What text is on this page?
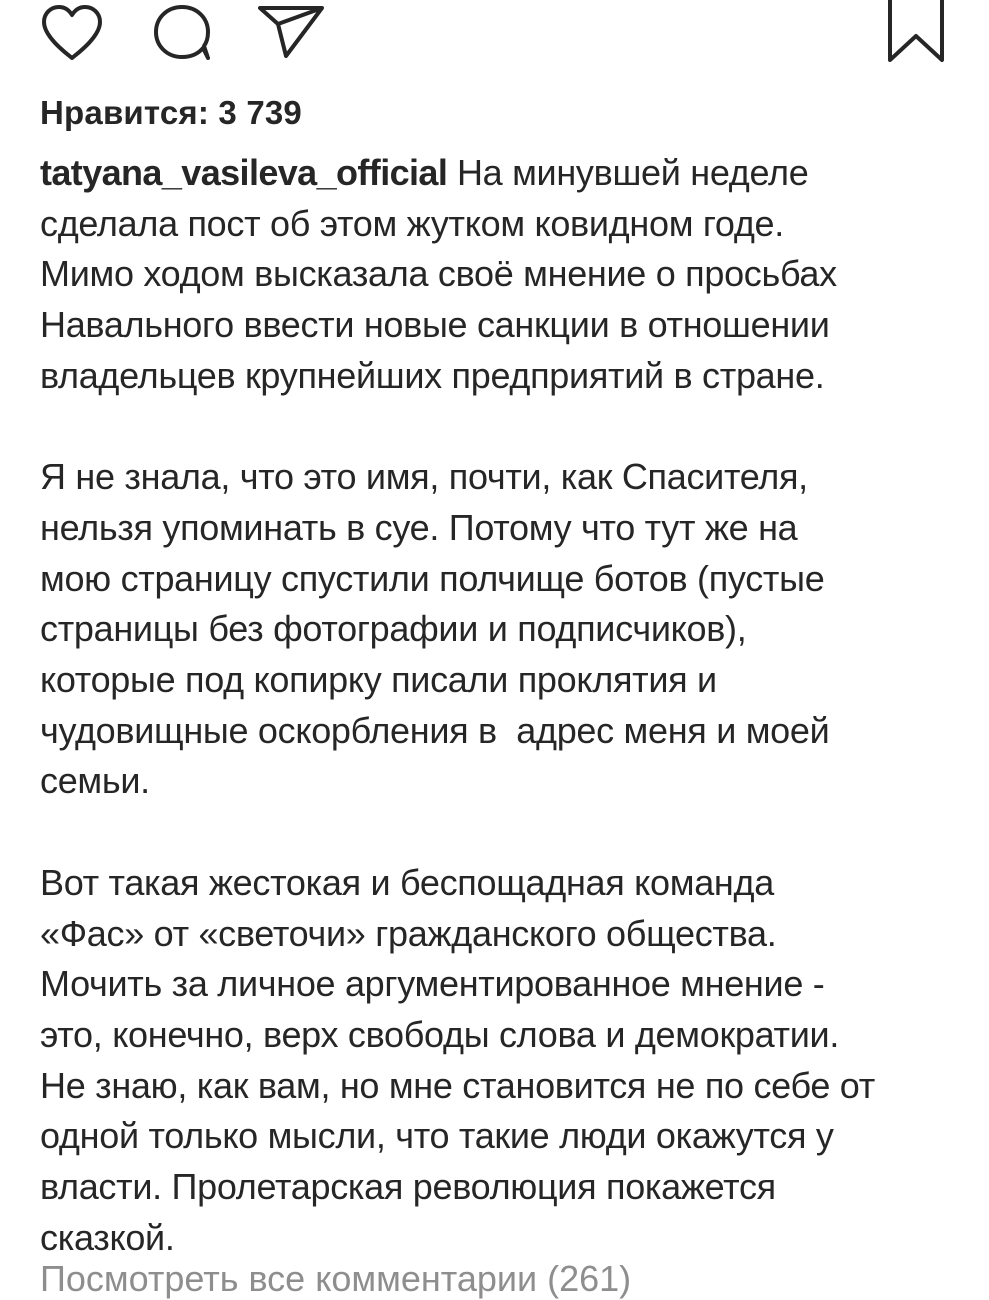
Нравится: 3 739

tatyana_vasileva_official На минувшей неделе

сделала пост об этом жутком ковидном годе.

Мимо ходом высказала своё мнение о просьбах

Навального ввести новые санкции в отношении

владельцев крупнейших предприятий в стране.

Я не знала, что это имя, почти, как Спасителя,

нельзя упоминать в суе. Потому что тут же на

мою страницу спустили полчище ботов (пустые

страницы без фотографии и подписчиков),

которые под копирку писали проклятия и

чудовищные оскорбления в  адрес меня и моей

семьи.

Вот такая жестокая и беспощадная команда

«Фас» от «светочи» гражданского общества.

Мочить за личное аргументированное мнение -

это, конечно, верх свободы слова и демократии.

Не знаю, как вам, но мне становится не по себе от

одной только мысли, что такие люди окажутся у

власти. Пролетарская революция покажется

сказкой.

Посмотреть все комментарии (261)
